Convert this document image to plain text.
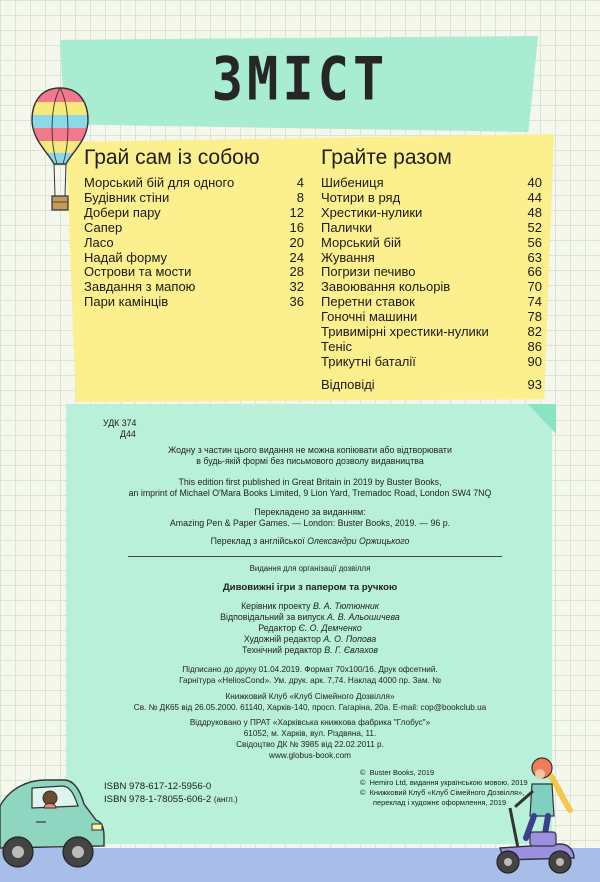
ЗМІСТ
Грай сам із собою
Морський бій для одного	4
Будівник стіни	8
Добери пару	12
Сапер	16
Ласо	20
Надай форму	24
Острови та мости	28
Завдання з мапою	32
Пари камінців	36
Грайте разом
Шибениця	40
Чотири в ряд	44
Хрестики-нулики	48
Палички	52
Морський бій	56
Жування	63
Погризи печиво	66
Завоювання кольорів	70
Перетни ставок	74
Гоночні машини	78
Тривимірні хрестики-нулики	82
Теніс	86
Трикутні баталії	90
Відповіді	93
УДК 374
Д44
Жодну з частин цього видання не можна копіювати або відтворювати
в будь-якій формі без письмового дозволу видавництва
This edition first published in Great Britain in 2019 by Buster Books,
an imprint of Michael O'Mara Books Limited, 9 Lion Yard, Tremadoc Road, London SW4 7NQ
Перекладено за виданням:
Amazing Pen & Paper Games. — London: Buster Books, 2019. — 96 p.
Переклад з англійської Олександри Оржицького
Видання для організації дозвілля
Дивовижні ігри з папером та ручкою
Керівник проекту В. А. Тютюнник
Відповідальний за випуск А. В. Альошичева
Редактор Є. О. Демченко
Художній редактор А. О. Попова
Технічний редактор В. Г. Євлахов
Підписано до друку 01.04.2019. Формат 70x100/16. Друк офсетний.
Гарнітура «HeliosCond». Ум. друк. арк. 7,74. Наклад 4000 пр. Зам. №
Книжковий Клуб «Клуб Сімейного Дозвілля»
Св. № ДК65 від 26.05.2000. 61140, Харків-140, просп. Гагаріна, 20а. E-mail: cop@bookclub.ua
Віддруковано у ПРАТ «Харківська книжкова фабрика "Глобус"»
61052, м. Харків, вул. Різдвяна, 11.
Свідоцтво ДК № 3985 від 22.02.2011 р.
www.globus-book.com
ISBN 978-617-12-5956-0
ISBN 978-1-78055-606-2 (англ.)
© Buster Books, 2019
© Hemiro Ltd, видання українською мовою, 2019
© Книжковий Клуб «Клуб Сімейного Дозвілля»,
переклад і художнє оформлення, 2019
